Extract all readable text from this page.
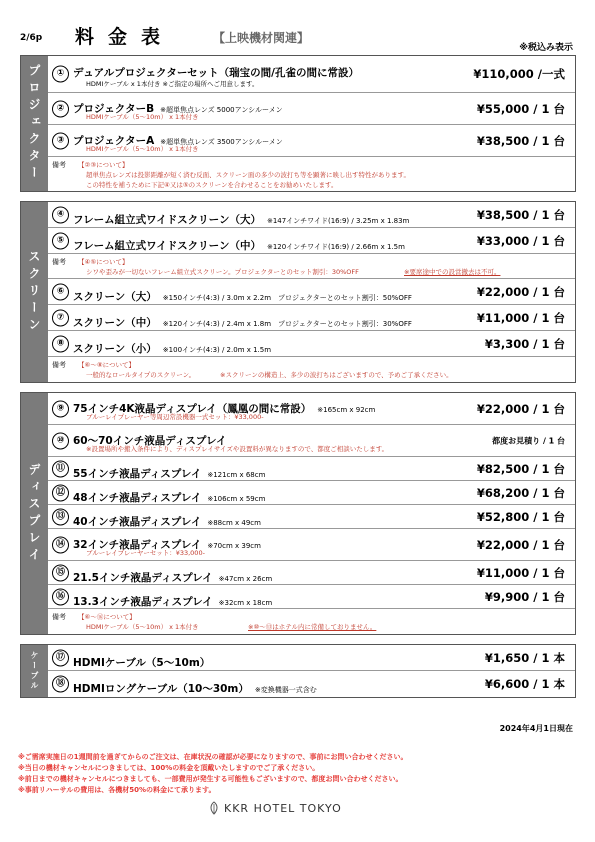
2/6p 料金表	【上映機材関連】
※税込み表示
プロジェクター	① デュアルプロジェクターセット（瑞宝の間/孔雀の間に常設）
HDMIケーブル x 1本付き ※ご指定の場所へご用意します。
¥110,000 /一式
② プロジェクターB ※超単焦点レンズ 5000アンシルーメン
HDMIケーブル（5〜10m） x 1本付き
¥55,000 / 1 台
③ プロジェクターA ※超単焦点レンズ 3500アンシルーメン
HDMIケーブル（5〜10m） x 1本付き
¥38,500 / 1 台
備考 【②③について】
超単焦点レンズは投影距離が短く済む反面、スクリーン面の多少の波打ち等を顕著に映し出す特性があります。
この特性を補うために下記④又は⑤のスクリーンを合わせることをお勧めいたします。
スクリーン
④ フレーム組立式ワイドスクリーン（大） ※147インチワイド(16:9) / 3.25m x 1.83m	¥38,500 / 1 台
⑤ フレーム組立式ワイドスクリーン（中） ※120インチワイド(16:9) / 2.66m x 1.5m	¥33,000 / 1 台
備考 【④⑤について】
シワや歪みが一切ないフレーム組立式スクリーン。プロジェクターとのセット割引：30%OFF	※要席途中での設営撤去は不可。
⑥ スクリーン（大） ※150インチ(4:3) / 3.0m x 2.2m　プロジェクターとのセット割引：50%OFF	¥22,000 / 1 台
⑦ スクリーン（中） ※120インチ(4:3) / 2.4m x 1.8m　プロジェクターとのセット割引：30%OFF	¥11,000 / 1 台
⑧ スクリーン（小） ※100インチ(4:3) / 2.0m x 1.5m	¥3,300 / 1 台
備考 【⑥〜⑧について】
一般的なロールタイプのスクリーン。	※スクリーンの構造上、多少の波打ちはございますので、予めご了承ください。
ディスプレイ
⑨ 75インチ4K液晶ディスプレイ（鳳凰の間に常設） ※165cm x 92cm
ブルーレイプレーヤー等周辺常設機器一式セット：¥33,000-
¥22,000 / 1 台
⑩ 60〜70インチ液晶ディスプレイ
※設置場所や搬入条件により、ディスプレイサイズや設置料が異なりますので、都度ご相談いたします。
都度お見積り / 1 台
⑪ 55インチ液晶ディスプレイ ※121cm x 68cm	¥82,500 / 1 台
⑫ 48インチ液晶ディスプレイ ※106cm x 59cm	¥68,200 / 1 台
⑬ 40インチ液晶ディスプレイ ※88cm x 49cm	¥52,800 / 1 台
⑭ 32インチ液晶ディスプレイ ※70cm x 39cm
ブルーレイプレーヤーセット：¥33,000-
¥22,000 / 1 台
⑮ 21.5インチ液晶ディスプレイ ※47cm x 26cm	¥11,000 / 1 台
⑯ 13.3インチ液晶ディスプレイ ※32cm x 18cm	¥9,900 / 1 台
備考 【⑥〜⑯について】
HDMIケーブル（5〜10m） x 1本付き	※⑩〜⑬はホテル内に常備しておりません。
ケーブル	⑰ HDMIケーブル（5〜10m）	¥1,650 / 1 本
⑱ HDMIロングケーブル（10〜30m） ※変換機器一式含む	¥6,600 / 1 本
2024年4月1日現在
※ご需席実施日の1週間前を過ぎてからのご注文は、在庫状況の確認が必要になりますので、事前にお問い合わせください。
※当日の機材キャンセルにつきましては、100%の料金を頂戴いたしますのでご了承ください。
※前日までの機材キャンセルにつきましても、一部費用が発生する可能性もございますので、都度お問い合わせください。
※事前リハーサルの費用は、各機材50%の料金にて承ります。
KKR HOTEL TOKYO
